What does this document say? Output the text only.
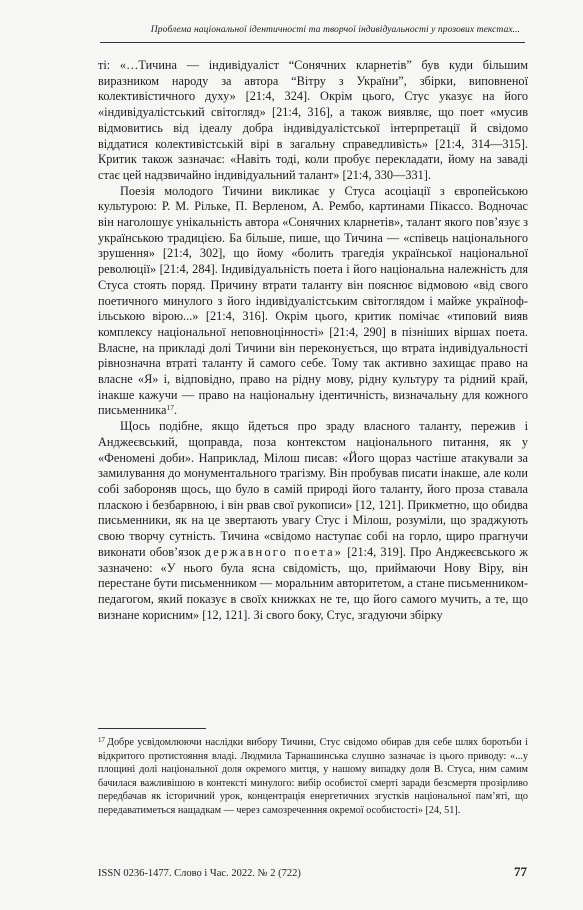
Проблема національної ідентичності та творчої індивідуальності у прозових текстах...

ті: «…Тичина — індивідуаліст “Сонячних кларнетів” був куди більшим виразником народу за автора “Вітру з України”, збірки, виповненої колективістичного духу» [21:4, 324]. Окрім цього, Стус указує на його «індивідуалістський світогляд» [21:4, 316], а також виявляє, що поет «мусив відмовитись від ідеалу добра індивідуалістської інтерпретації й свідомо віддатися колективістській вірі в загальну справедливість» [21:4, 314—315]. Критик також зазначає: «Навіть тоді, коли пробує перекладати, йому на заваді стає цей надзвичайно індивідуальний талант» [21:4, 330—331].

Поезія молодого Тичини викликає у Стуса асоціації з європейською культурою: Р. М. Рільке, П. Верленом, А. Рембо, картинами Пікассо. Водночас він наголошує унікальність автора «Сонячних кларнетів», талант якого пов’язує з українською традицією. Ба більше, пише, що Тичина — «співець національного зрушення» [21:4, 302], що йому «болить трагедія української національної революції» [21:4, 284]. Індивідуальність поета і його національна належність для Стуса стоять поряд. Причину втрати таланту він пояснює відмовою «від свого поетичного минулого з його індивідуалістським світоглядом і майже українофільською вірою...» [21:4, 316]. Окрім цього, критик помічає «типовий вияв комплексу національної неповноцінності» [21:4, 290] в пізніших віршах поета. Власне, на прикладі долі Тичини він переконується, що втрата індивідуальності рівнозначна втраті таланту й самого себе. Тому так активно захищає право на власне «Я» і, відповідно, право на рідну мову, рідну культуру та рідний край, інакше кажучи — право на національну ідентичність, визначальну для кожного письменника$^{17}$.

Щось подібне, якщо йдеться про зраду власного таланту, пережив і Анджеєвський, щоправда, поза контекстом національного питання, як у «Феномені доби». Наприклад, Мілош писав: «Його щораз частіше атакували за замилування до монументального трагізму. Він пробував писати інакше, але коли собі забороняв щось, що було в самій природі його таланту, його проза ставала пласкою і безбарвною, і він рвав свої рукописи» [12, 121]. Прикметно, що обидва письменники, як на це звертають увагу Стус і Мілош, розуміли, що зраджують свою творчу сутність. Тичина «свідомо наступає собі на горло, щиро прагнучи виконати обов’язок державного поета» [21:4, 319]. Про Анджеєвського ж зазначено: «У нього була ясна свідомість, що, приймаючи Нову Віру, він перестане бути письменником — моральним авторитетом, а стане письменником-педагогом, який показує в своїх книжках не те, що його самого мучить, а те, що визнане корисним» [12, 121]. Зі свого боку, Стус, згадуючи збірку

$^{17}$ Добре усвідомлюючи наслідки вибору Тичини, Стус свідомо обирав для себе шлях боротьби і відкритого протистояння владі. Людмила Тарнашинська слушно зазначає із цього приводу: «...у площині долі національної доля окремого митця, у нашому випадку доля В. Стуса, ним самим бачилася важливішою в контексті минулого: вибір особистої смерті заради безсмертя прозірливо передбачав як історичний урок, концентрація енергетичних згустків національної пам’яті, що передаватиметься нащадкам — через самозреченння окремої особистості» [24, 51].
ISSN 0236-1477. Слово і Час. 2022. № 2 (722)	77
